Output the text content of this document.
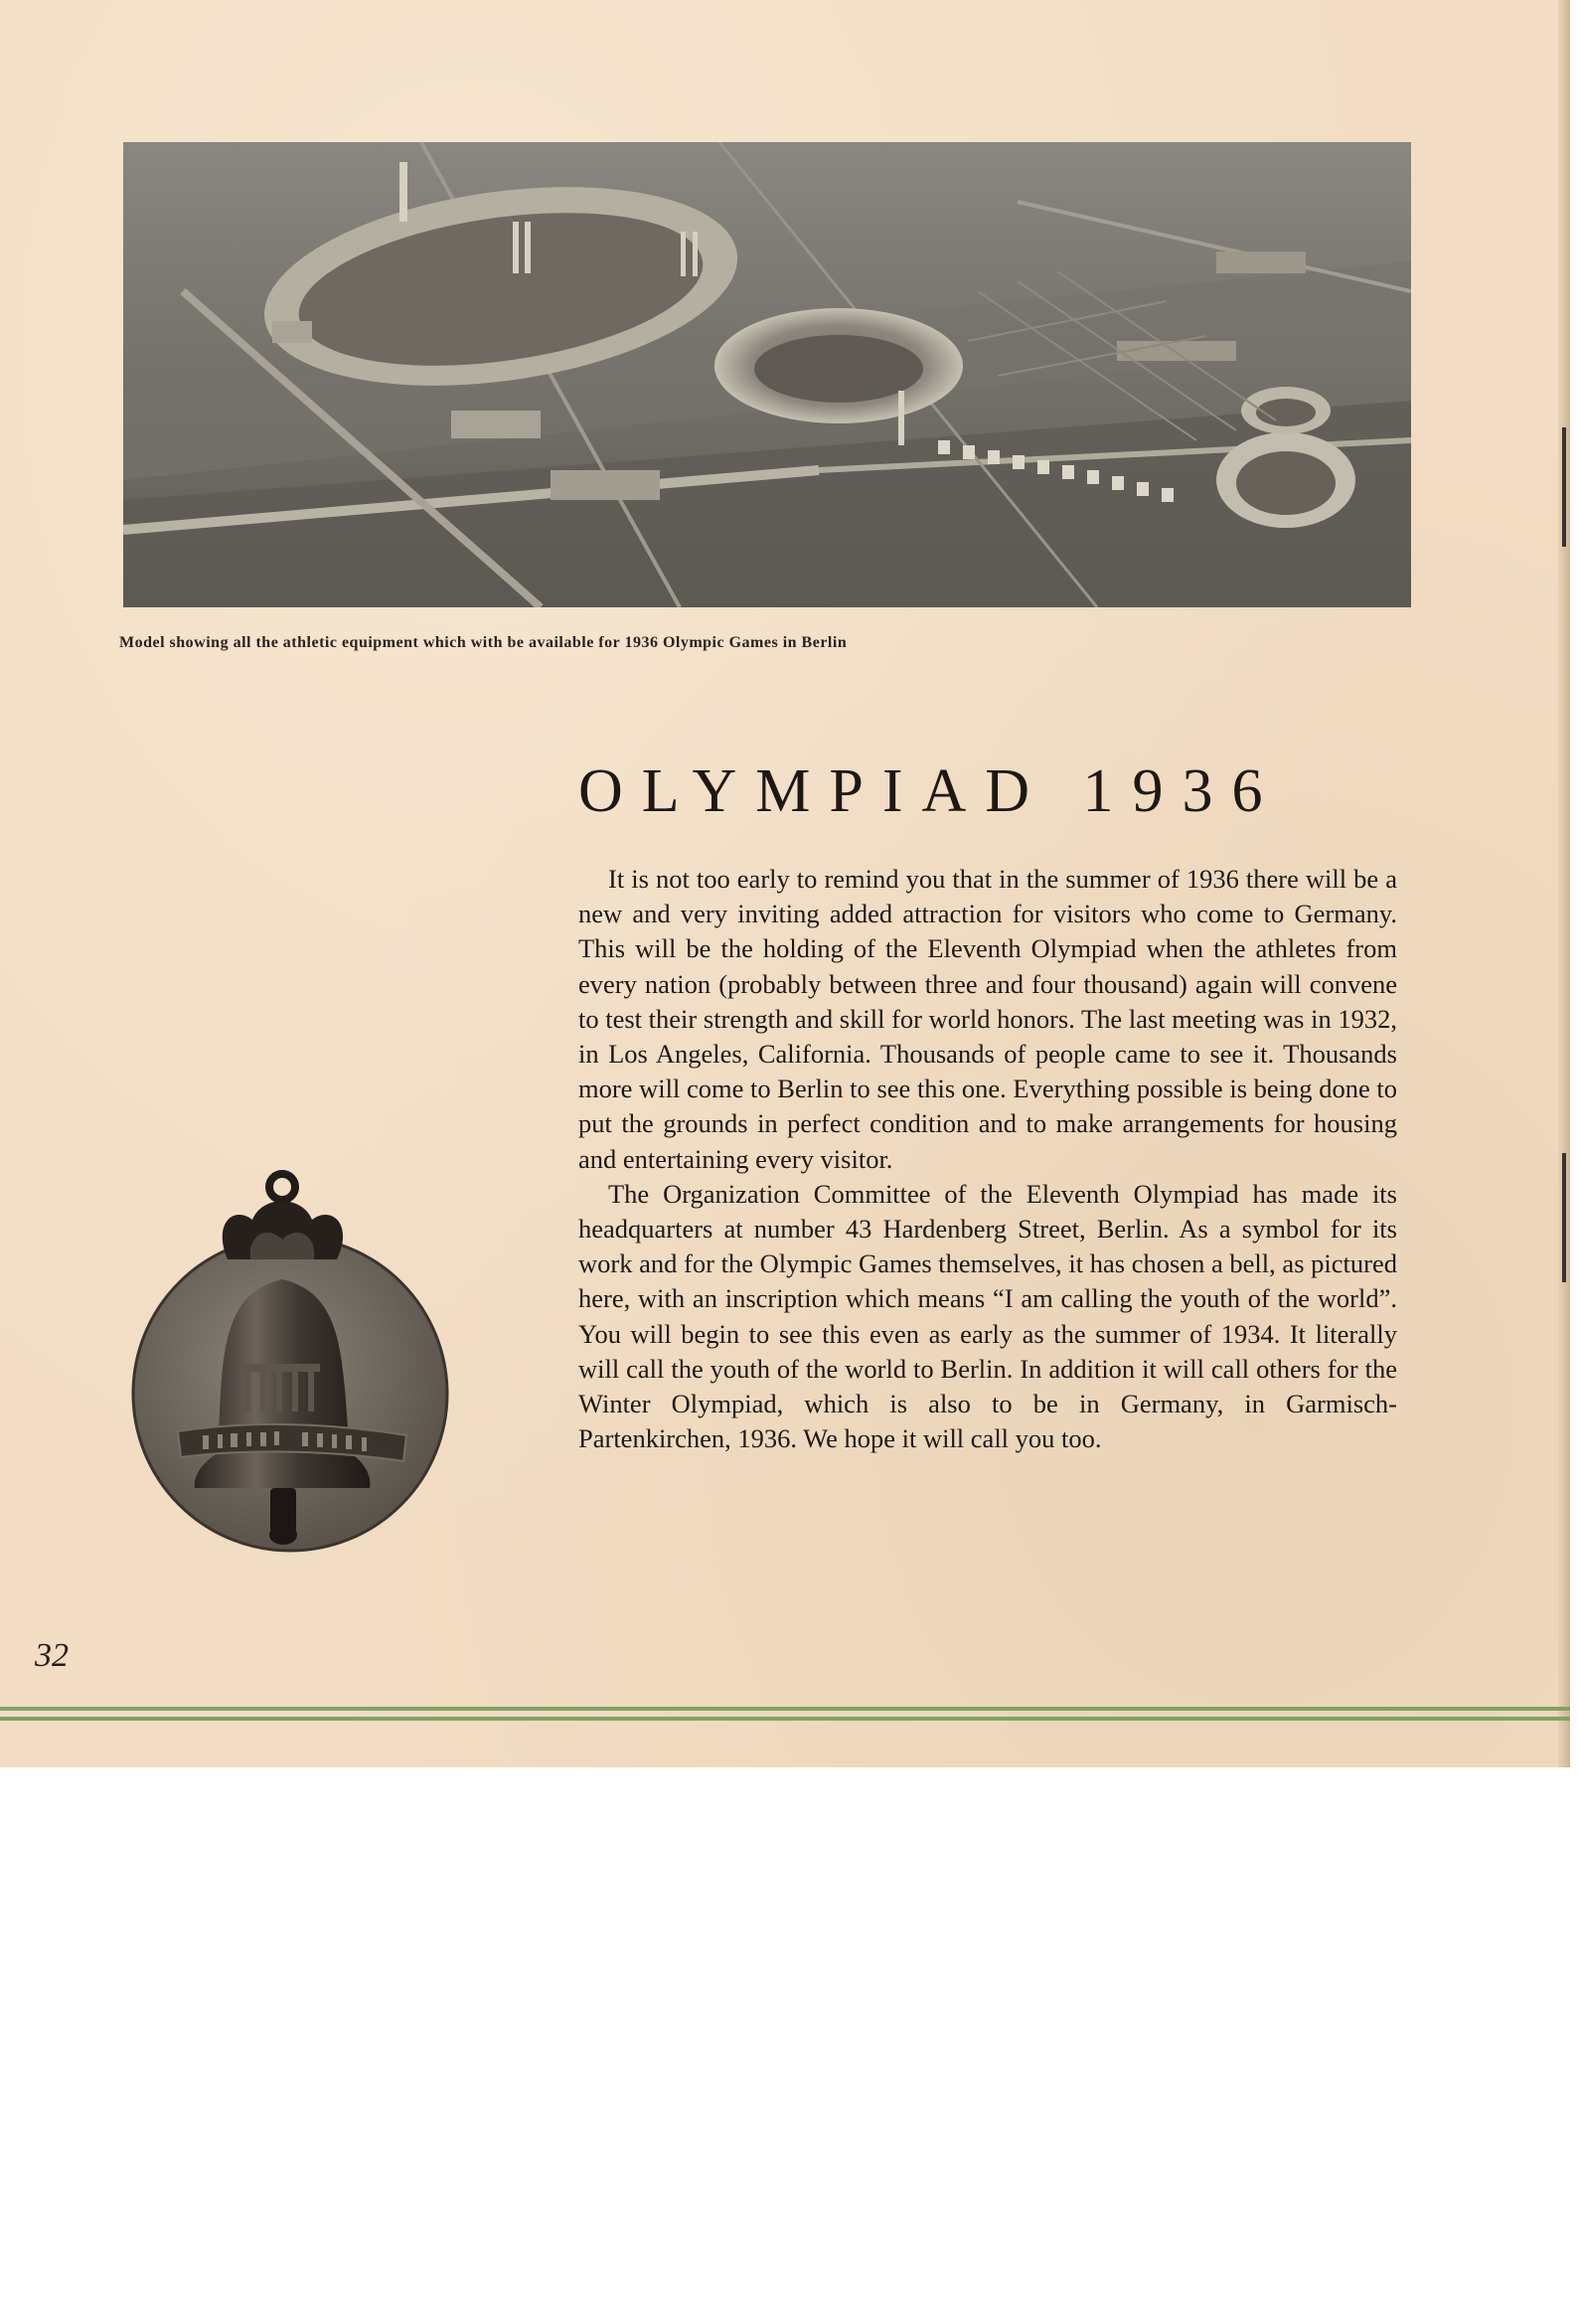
Model showing all the athletic equipment which with be available for 1936 Olympic Games in Berlin
OLYMPIAD 1936

It is not too early to remind you that in the summer of 1936 there will be a new and very inviting added attraction for visitors who come to Germany. This will be the holding of the Eleventh Olympiad when the athletes from every nation (probably between three and four thousand) again will convene to test their strength and skill for world honors. The last meeting was in 1932, in Los Angeles, California. Thousands of people came to see it. Thousands more will come to Berlin to see this one. Everything possible is being done to put the grounds in perfect condition and to make arrangements for housing and entertaining every visitor.

The Organization Committee of the Eleventh Olympiad has made its headquarters at number 43 Hardenberg Street, Berlin. As a symbol for its work and for the Olympic Games themselves, it has chosen a bell, as pictured here, with an inscription which means “I am calling the youth of the world”. You will begin to see this even as early as the summer of 1934. It literally will call the youth of the world to Berlin. In addition it will call others for the Winter Olympiad, which is also to be in Germany, in Garmisch-Partenkirchen, 1936. We hope it will call you too.

32
